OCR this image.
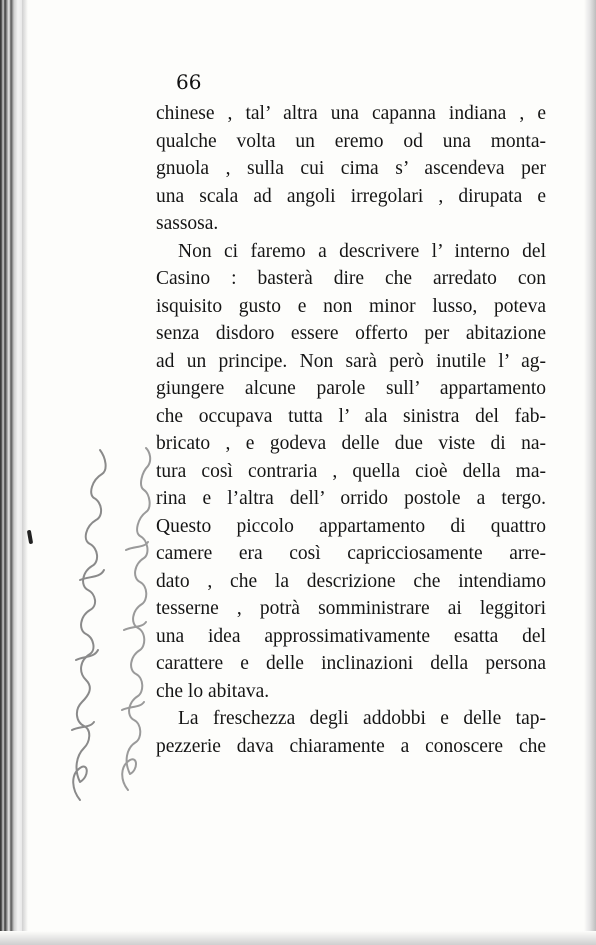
66

chinese , tal’ altra una capanna indiana , e
qualche volta un eremo od una monta-
gnuola , sulla cui cima s’ ascendeva per
una scala ad angoli irregolari , dirupata e
sassosa.
Non ci faremo a descrivere l’ interno del
Casino : basterà dire che arredato con
isquisito gusto e non minor lusso, poteva
senza disdoro essere offerto per abitazione
ad un principe. Non sarà però inutile l’ ag-
giungere alcune parole sull’ appartamento
che occupava tutta l’ ala sinistra del fab-
bricato , e godeva delle due viste di na-
tura così contraria , quella cioè della ma-
rina e l’altra dell’ orrido postole a tergo.
Questo piccolo appartamento di quattro
camere era così capricciosamente arre-
dato , che la descrizione che intendiamo
tesserne , potrà somministrare ai leggitori
una idea approssimativamente esatta del
carattere e delle inclinazioni della persona
che lo abitava.
La freschezza degli addobbi e delle tap-
pezzerie dava chiaramente a conoscere che
